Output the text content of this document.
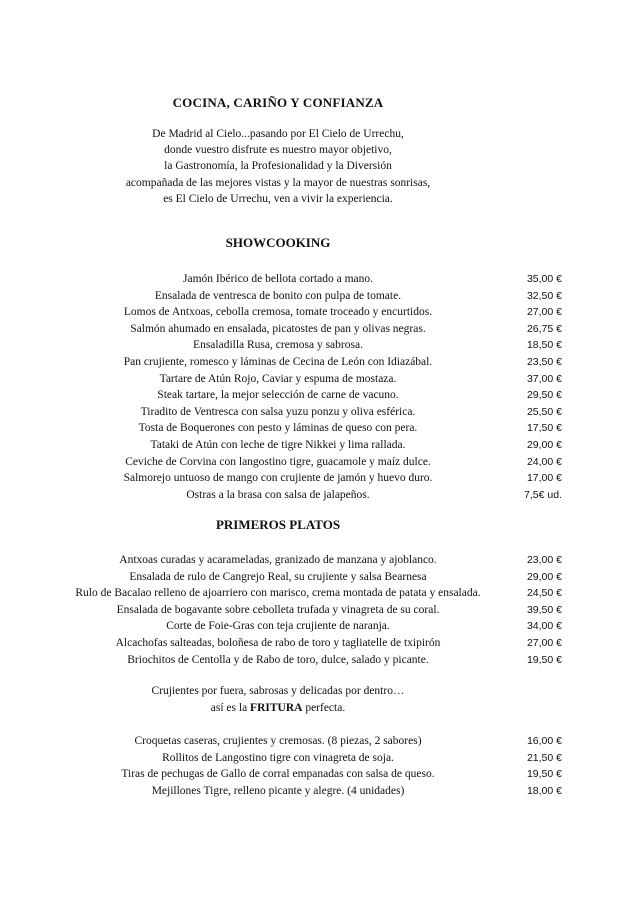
COCINA, CARIÑO Y CONFIANZA
De Madrid al Cielo...pasando por El Cielo de Urrechu,
donde vuestro disfrute es nuestro mayor objetivo,
la Gastronomía, la Profesionalidad y la Diversión
acompañada de las mejores vistas y la mayor de nuestras sonrisas,
es El Cielo de Urrechu, ven a vivir la experiencia.
SHOWCOOKING
Jamón Ibérico de bellota cortado a mano.	35,00 €
Ensalada de ventresca de bonito con pulpa de tomate.	32,50 €
Lomos de Antxoas, cebolla cremosa, tomate troceado y encurtidos.	27,00 €
Salmón ahumado en ensalada, picatostes de pan y olivas negras.	26,75 €
Ensaladilla Rusa, cremosa y sabrosa.	18,50 €
Pan crujiente, romesco y láminas de Cecina de León con Idiazábal.	23,50 €
Tartare de Atún Rojo, Caviar y espuma de mostaza.	37,00 €
Steak tartare, la mejor selección de carne de vacuno.	29,50 €
Tiradito de Ventresca con salsa yuzu ponzu y oliva esférica.	25,50 €
Tosta de Boquerones con pesto y láminas de queso con pera.	17,50 €
Tataki de Atún con leche de tigre Nikkei y lima rallada.	29,00 €
Ceviche de Corvina con langostino tigre, guacamole y maíz dulce.	24,00 €
Salmorejo untuoso de mango con crujiente de jamón y huevo duro.	17,00 €
Ostras a la brasa con salsa de jalapeños.	7,5€ ud.
PRIMEROS PLATOS
Antxoas curadas y acarameladas, granizado de manzana y ajoblanco.	23,00 €
Ensalada de rulo de Cangrejo Real, su crujiente y salsa Bearnesa	29,00 €
Rulo de Bacalao relleno de ajoarriero con marisco, crema montada de patata y ensalada.	24,50 €
Ensalada de bogavante sobre cebolleta trufada y vinagreta de su coral.	39,50 €
Corte de Foie-Gras con teja crujiente de naranja.	34,00 €
Alcachofas salteadas, boloñesa de rabo de toro y tagliatelle de txipirón	27,00 €
Briochitos de Centolla y de Rabo de toro, dulce, salado y picante.	19,50 €
Crujientes por fuera, sabrosas y delicadas por dentro…
así es la FRITURA perfecta.
Croquetas caseras, crujientes y cremosas. (8 piezas, 2 sabores)	16,00 €
Rollitos de Langostino tigre con vinagreta de soja.	21,50 €
Tiras de pechugas de Gallo de corral empanadas con salsa de queso.	19,50 €
Mejillones Tigre, relleno picante y alegre. (4 unidades)	18,00 €
